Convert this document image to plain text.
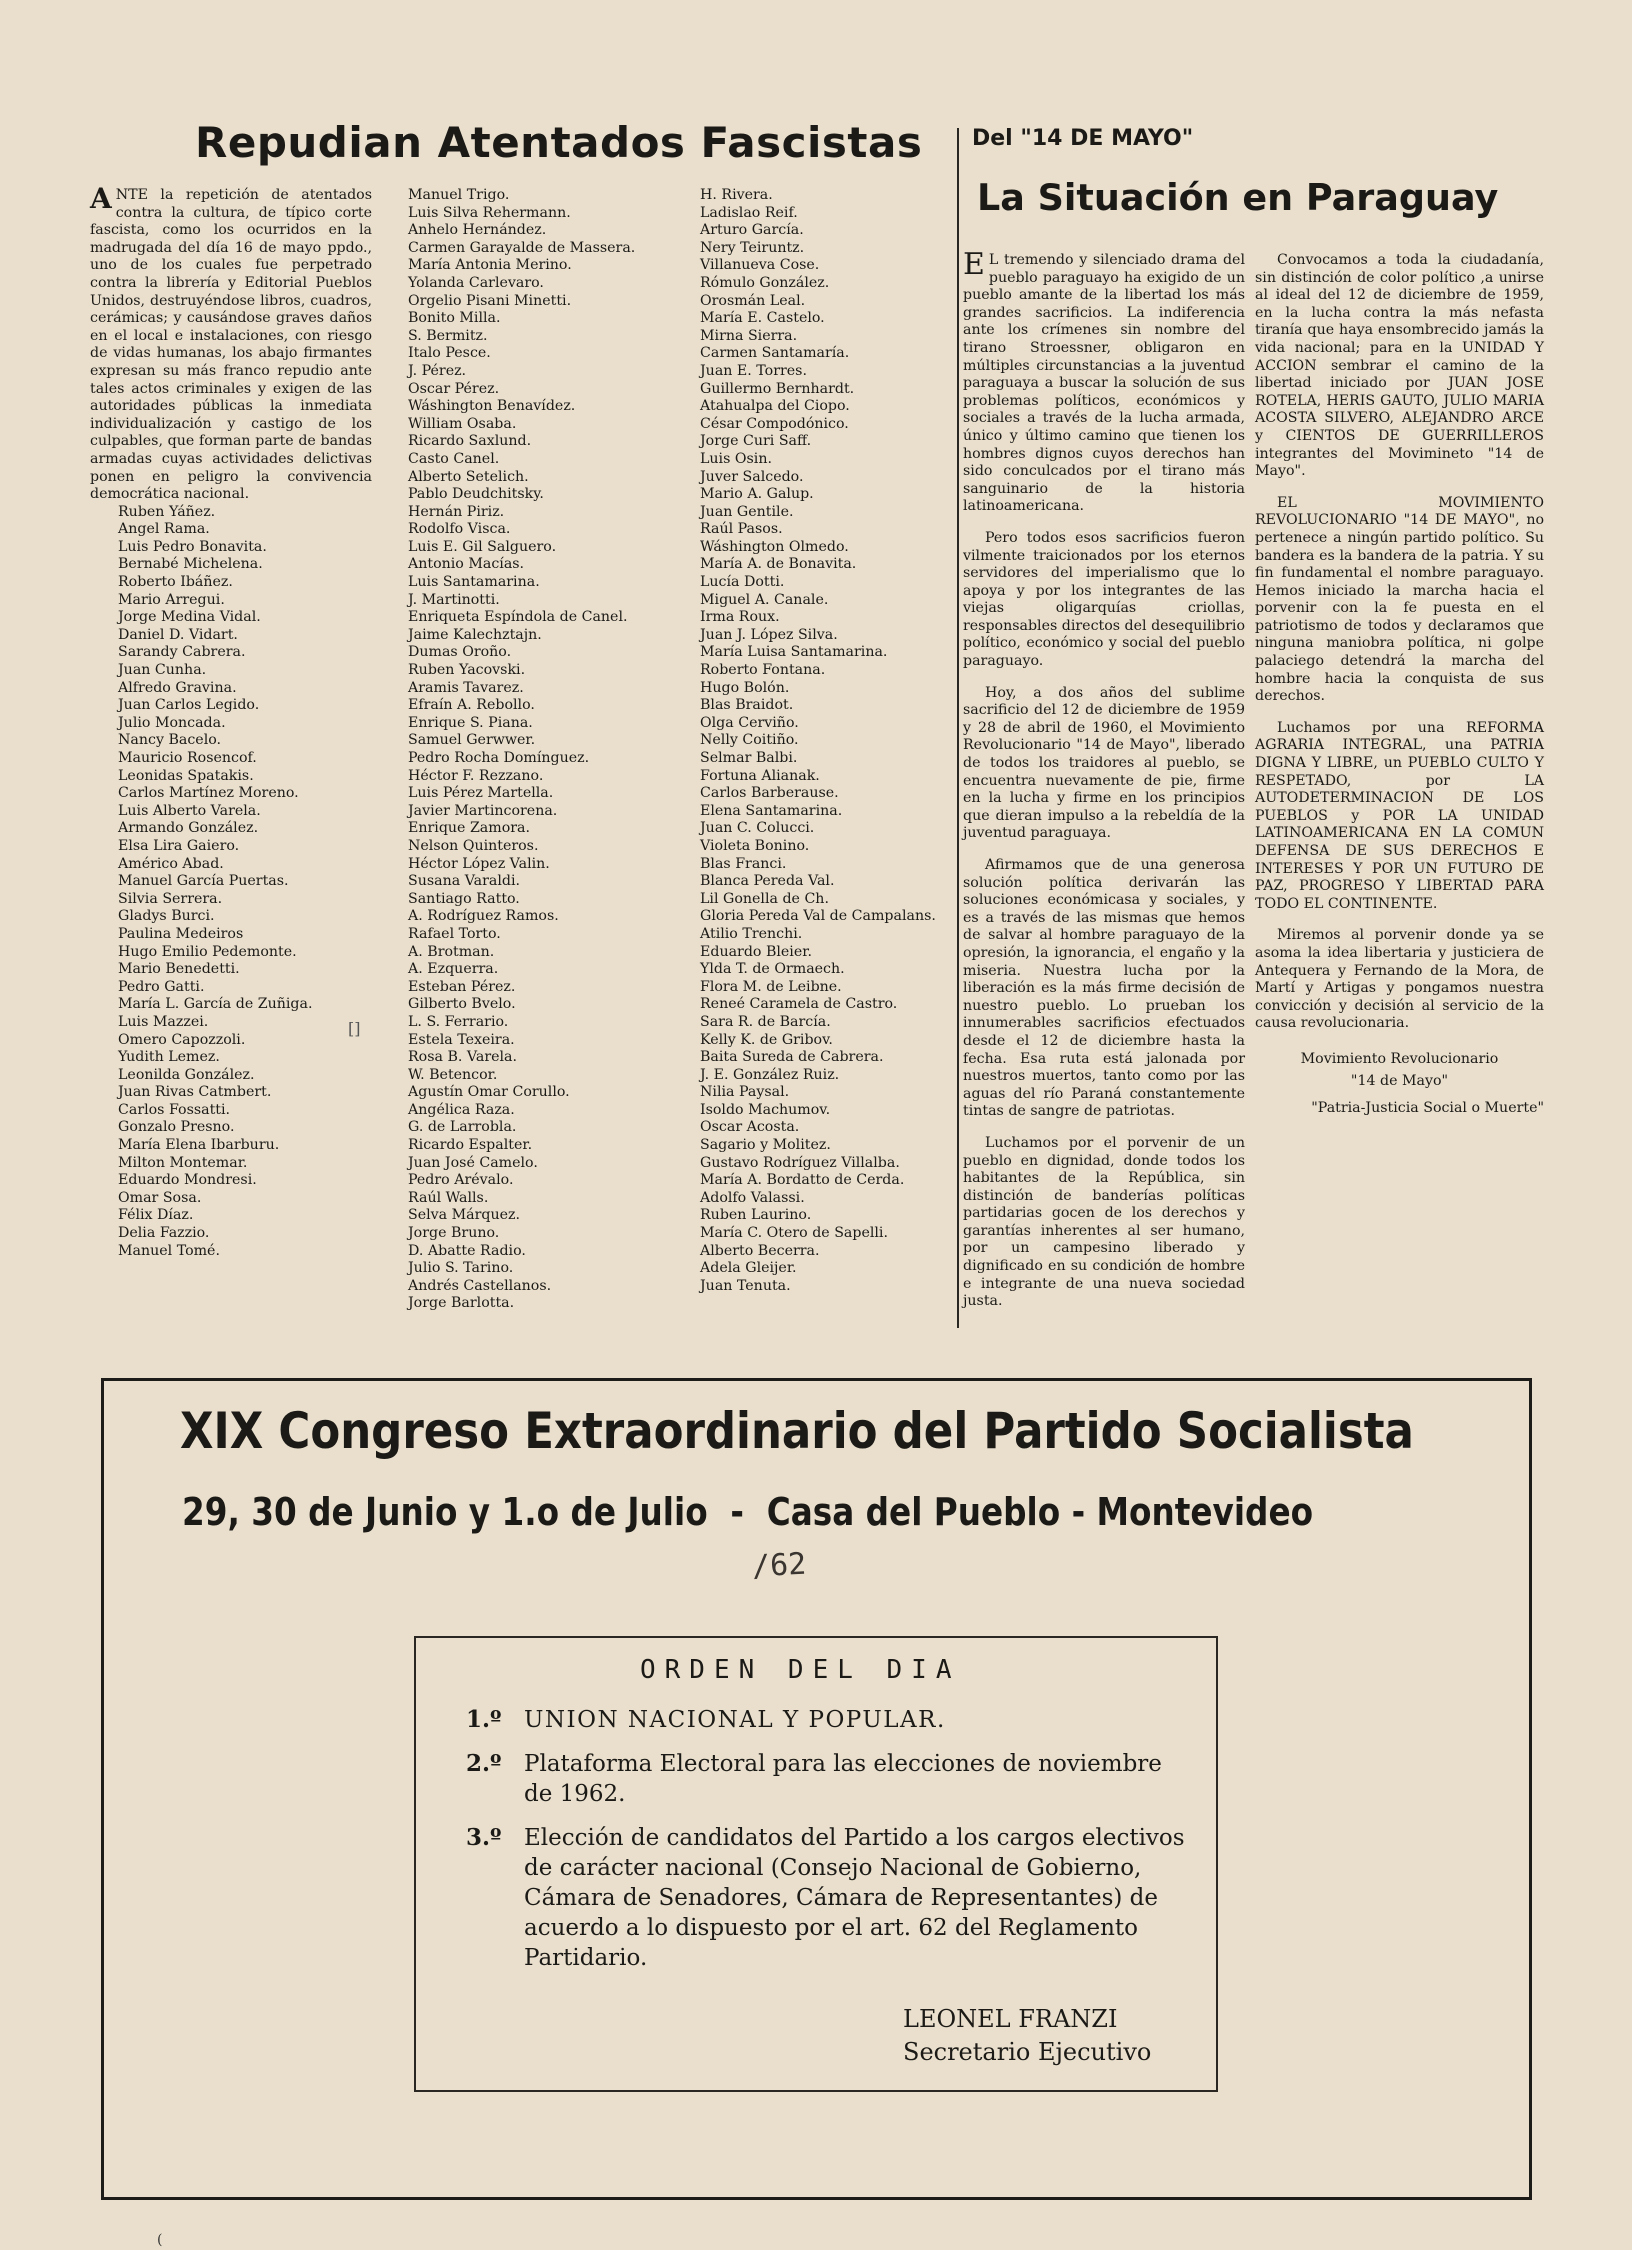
Repudian Atentados Fascistas
ANTE la repetición de atentados contra la cultura, de típico corte fascista, como los ocurridos en la madrugada del día 16 de mayo ppdo., uno de los cuales fue perpetrado contra la librería y Editorial Pueblos Unidos, destruyéndose libros, cuadros, cerámicas; y causándose graves daños en el local e instalaciones, con riesgo de vidas humanas, los abajo firmantes expresan su más franco repudio ante tales actos criminales y exigen de las autoridades públicas la inmediata individualización y castigo de los culpables, que forman parte de bandas armadas cuyas actividades delictivas ponen en peligro la convivencia democrática nacional.
Ruben Yáñez.
Angel Rama.
Luis Pedro Bonavita.
Bernabé Michelena.
Roberto Ibáñez.
Mario Arregui.
Jorge Medina Vidal.
Daniel D. Vidart.
Sarandy Cabrera.
Juan Cunha.
Alfredo Gravina.
Juan Carlos Legido.
Julio Moncada.
Nancy Bacelo.
Mauricio Rosencof.
Leonidas Spatakis.
Carlos Martínez Moreno.
Luis Alberto Varela.
Armando González.
Elsa Lira Gaiero.
Américo Abad.
Manuel García Puertas.
Silvia Serrera.
Gladys Burci.
Paulina Medeiros
Hugo Emilio Pedemonte.
Mario Benedetti.
Pedro Gatti.
María L. García de Zuñiga.
Luis Mazzei.
Omero Capozzoli.
Yudith Lemez.
Leonilda González.
Juan Rivas Catmbert.
Carlos Fossatti.
Gonzalo Presno.
María Elena Ibarburu.
Milton Montemar.
Eduardo Mondresi.
Omar Sosa.
Félix Díaz.
Delia Fazzio.
Manuel Tomé.
Manuel Trigo.
Luis Silva Rehermann.
Anhelo Hernández.
Carmen Garayalde de Massera.
María Antonia Merino.
Yolanda Carlevaro.
Orgelio Pisani Minetti.
Bonito Milla.
S. Bermitz.
Italo Pesce.
J. Pérez.
Oscar Pérez.
Wáshington Benavídez.
William Osaba.
Ricardo Saxlund.
Casto Canel.
Alberto Setelich.
Pablo Deudchitsky.
Hernán Piriz.
Rodolfo Visca.
Luis E. Gil Salguero.
Antonio Macías.
Luis Santamarina.
J. Martinotti.
Enriqueta Espíndola de Canel.
Jaime Kalechztajn.
Dumas Oroño.
Ruben Yacovski.
Aramis Tavarez.
Efraín A. Rebollo.
Enrique S. Piana.
Samuel Gerwwer.
Pedro Rocha Domínguez.
Héctor F. Rezzano.
Luis Pérez Martella.
Javier Martincorena.
Enrique Zamora.
Nelson Quinteros.
Héctor López Valin.
Susana Varaldi.
Santiago Ratto.
A. Rodríguez Ramos.
Rafael Torto.
A. Brotman.
A. Ezquerra.
Esteban Pérez.
Gilberto Bvelo.
L. S. Ferrario.
Estela Texeira.
Rosa B. Varela.
W. Betencor.
Agustín Omar Corullo.
Angélica Raza.
G. de Larrobla.
Ricardo Espalter.
Juan José Camelo.
Pedro Arévalo.
Raúl Walls.
Selva Márquez.
Jorge Bruno.
D. Abatte Radio.
Julio S. Tarino.
Andrés Castellanos.
Jorge Barlotta.
H. Rivera.
Ladislao Reif.
Arturo García.
Nery Teiruntz.
Villanueva Cose.
Rómulo González.
Orosmán Leal.
María E. Castelo.
Mirna Sierra.
Carmen Santamaría.
Juan E. Torres.
Guillermo Bernhardt.
Atahualpa del Ciopo.
César Compodónico.
Jorge Curi Saff.
Luis Osin.
Juver Salcedo.
Mario A. Galup.
Juan Gentile.
Raúl Pasos.
Wáshington Olmedo.
María A. de Bonavita.
Lucía Dotti.
Miguel A. Canale.
Irma Roux.
Juan J. López Silva.
María Luisa Santamarina.
Roberto Fontana.
Hugo Bolón.
Blas Braidot.
Olga Cerviño.
Nelly Coitiño.
Selmar Balbi.
Fortuna Alianak.
Carlos Barberause.
Elena Santamarina.
Juan C. Colucci.
Violeta Bonino.
Blas Franci.
Blanca Pereda Val.
Lil Gonella de Ch.
Gloria Pereda Val de Campalans.
Atilio Trenchi.
Eduardo Bleier.
Ylda T. de Ormaech.
Flora M. de Leibne.
Reneé Caramela de Castro.
Sara R. de Barcía.
Kelly K. de Gribov.
Baita Sureda de Cabrera.
J. E. González Ruiz.
Nilia Paysal.
Isoldo Machumov.
Oscar Acosta.
Sagario y Molitez.
Gustavo Rodríguez Villalba.
María A. Bordatto de Cerda.
Adolfo Valassi.
Ruben Laurino.
María C. Otero de Sapelli.
Alberto Becerra.
Adela Gleijer.
Juan Tenuta.
[]
Del "14 DE MAYO"
La Situación en Paraguay

E L tremendo y silenciado drama del pueblo paraguayo ha exigido de un pueblo amante de la libertad los más grandes sacrificios. La indiferencia ante los crímenes sin nombre del tirano Stroessner, obligaron en múltiples circunstancias a la juventud paraguaya a buscar la solución de sus problemas políticos, económicos y sociales a través de la lucha armada, único y último camino que tienen los hombres dignos cuyos derechos han sido conculcados por el tirano más sanguinario de la historia latinoamericana.

Pero todos esos sacrificios fueron vilmente traicionados por los eternos servidores del imperialismo que lo apoya y por los integrantes de las viejas oligarquías criollas, responsables directos del desequilibrio político, económico y social del pueblo paraguayo.

Hoy, a dos años del sublime sacrificio del 12 de diciembre de 1959 y 28 de abril de 1960, el Movimiento Revolucionario "14 de Mayo", liberado de todos los traidores al pueblo, se encuentra nuevamente de pie, firme en la lucha y firme en los principios que dieran impulso a la rebeldía de la juventud paraguaya.

Afirmamos que de una generosa solución política derivarán las soluciones económicasa y sociales, y es a través de las mismas que hemos de salvar al hombre paraguayo de la opresión, la ignorancia, el engaño y la miseria. Nuestra lucha por la liberación es la más firme decisión de nuestro pueblo. Lo prueban los innumerables sacrificios efectuados desde el 12 de diciembre hasta la fecha. Esa ruta está jalonada por nuestros muertos, tanto como por las aguas del río Paraná constantemente tintas de sangre de patriotas.

Luchamos por el porvenir de un pueblo en dignidad, donde todos los habitantes de la República, sin distinción de banderías políticas partidarias gocen de los derechos y garantías inherentes al ser humano, por un campesino liberado y dignificado en su condición de hombre e integrante de una nueva sociedad justa.

Convocamos a toda la ciudadanía, sin distinción de color político ,a unirse al ideal del 12 de diciembre de 1959, en la lucha contra la más nefasta tiranía que haya ensombrecido jamás la vida nacional; para en la UNIDAD Y ACCION sembrar el camino de la libertad iniciado por JUAN JOSE ROTELA, HERIS GAUTO, JULIO MARIA ACOSTA SILVERO, ALEJANDRO ARCE y CIENTOS DE GUERRILLEROS integrantes del Movimineto "14 de Mayo".

EL MOVIMIENTO REVOLUCIONARIO "14 DE MAYO", no pertenece a ningún partido político. Su bandera es la bandera de la patria. Y su fin fundamental el nombre paraguayo. Hemos iniciado la marcha hacia el porvenir con la fe puesta en el patriotismo de todos y declaramos que ninguna maniobra política, ni golpe palaciego detendrá la marcha del hombre hacia la conquista de sus derechos.

Luchamos por una REFORMA AGRARIA INTEGRAL, una PATRIA DIGNA Y LIBRE, un PUEBLO CULTO Y RESPETADO, por LA AUTODETERMINACION DE LOS PUEBLOS y POR LA UNIDAD LATINOAMERICANA EN LA COMUN DEFENSA DE SUS DERECHOS E INTERESES Y POR UN FUTURO DE PAZ, PROGRESO Y LIBERTAD PARA TODO EL CONTINENTE.

Miremos al porvenir donde ya se asoma la idea libertaria y justiciera de Antequera y Fernando de la Mora, de Martí y Artigas y pongamos nuestra convicción y decisión al servicio de la causa revolucionaria.

Movimiento Revolucionario
"14 de Mayo"
"Patria-Justicia Social o Muerte"
XIX Congreso Extraordinario del Partido Socialista
29, 30 de Junio y 1.o de Julio  -  Casa del Pueblo - Montevideo
/62
ORDEN DEL DIA
1.º UNION NACIONAL Y POPULAR.
2.º Plataforma Electoral para las elecciones de noviembre de 1962.
3.º Elección de candidatos del Partido a los cargos electivos de carácter nacional (Consejo Nacional de Gobierno, Cámara de Senadores, Cámara de Representantes) de acuerdo a lo dispuesto por el art. 62 del Reglamento Partidario.
LEONEL FRANZI
Secretario Ejecutivo
(
